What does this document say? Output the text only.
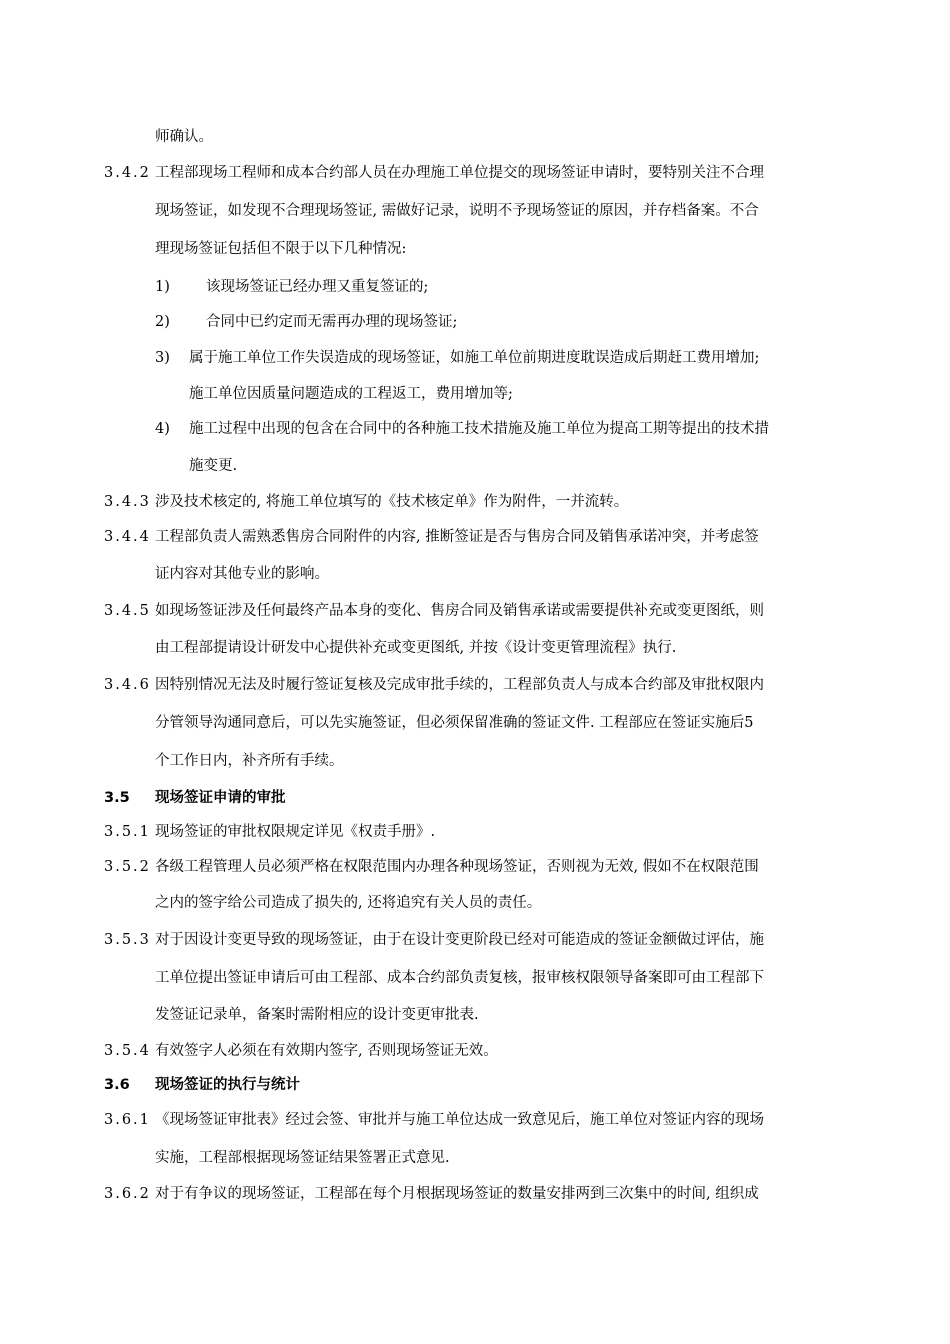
师确认。
3.4.2 工程部现场工程师和成本合约部人员在办理施工单位提交的现场签证申请时，要特别关注不合理
现场签证，如发现不合理现场签证, 需做好记录，说明不予现场签证的原因，并存档备案。不合
理现场签证包括但不限于以下几种情况:
1) 该现场签证已经办理又重复签证的;
2) 合同中已约定而无需再办理的现场签证;
3) 属于施工单位工作失误造成的现场签证，如施工单位前期进度耽误造成后期赶工费用增加;
施工单位因质量问题造成的工程返工，费用增加等;
4) 施工过程中出现的包含在合同中的各种施工技术措施及施工单位为提高工期等提出的技术措
施变更.
3.4.3 涉及技术核定的, 将施工单位填写的《技术核定单》作为附件，一并流转。
3.4.4 工程部负责人需熟悉售房合同附件的内容, 推断签证是否与售房合同及销售承诺冲突，并考虑签
证内容对其他专业的影响。
3.4.5 如现场签证涉及任何最终产品本身的变化、售房合同及销售承诺或需要提供补充或变更图纸，则
由工程部提请设计研发中心提供补充或变更图纸, 并按《设计变更管理流程》执行.
3.4.6 因特别情况无法及时履行签证复核及完成审批手续的，工程部负责人与成本合约部及审批权限内
分管领导沟通同意后，可以先实施签证，但必须保留准确的签证文件. 工程部应在签证实施后5
个工作日内，补齐所有手续。
3.5 现场签证申请的审批
3.5.1 现场签证的审批权限规定详见《权责手册》.
3.5.2 各级工程管理人员必须严格在权限范围内办理各种现场签证，否则视为无效, 假如不在权限范围
之内的签字给公司造成了损失的, 还将追究有关人员的责任。
3.5.3 对于因设计变更导致的现场签证，由于在设计变更阶段已经对可能造成的签证金额做过评估，施
工单位提出签证申请后可由工程部、成本合约部负责复核，报审核权限领导备案即可由工程部下
发签证记录单，备案时需附相应的设计变更审批表.
3.5.4 有效签字人必须在有效期内签字, 否则现场签证无效。
3.6 现场签证的执行与统计
3.6.1 《现场签证审批表》经过会签、审批并与施工单位达成一致意见后，施工单位对签证内容的现场
实施，工程部根据现场签证结果签署正式意见.
3.6.2 对于有争议的现场签证，工程部在每个月根据现场签证的数量安排两到三次集中的时间, 组织成
